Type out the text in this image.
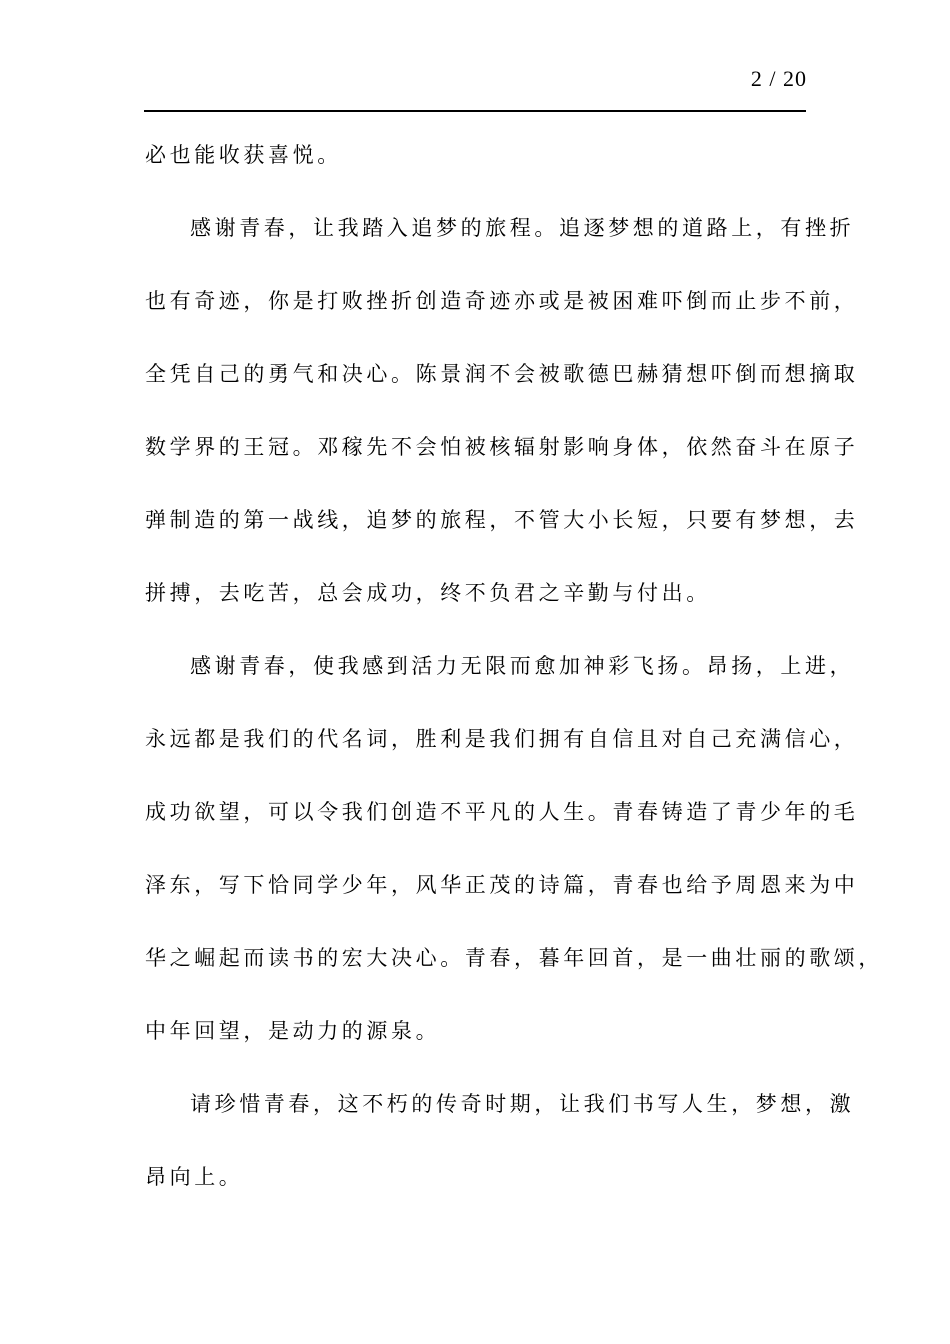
2 / 20
必也能收获喜悦。
感谢青春，让我踏入追梦的旅程。追逐梦想的道路上，有挫折
也有奇迹，你是打败挫折创造奇迹亦或是被困难吓倒而止步不前，
全凭自己的勇气和决心。陈景润不会被歌德巴赫猜想吓倒而想摘取
数学界的王冠。邓稼先不会怕被核辐射影响身体，依然奋斗在原子
弹制造的第一战线，追梦的旅程，不管大小长短，只要有梦想，去
拼搏，去吃苦，总会成功，终不负君之辛勤与付出。
感谢青春，使我感到活力无限而愈加神彩飞扬。昂扬，上进，
永远都是我们的代名词，胜利是我们拥有自信且对自己充满信心，
成功欲望，可以令我们创造不平凡的人生。青春铸造了青少年的毛
泽东，写下恰同学少年，风华正茂的诗篇，青春也给予周恩来为中
华之崛起而读书的宏大决心。青春，暮年回首，是一曲壮丽的歌颂，
中年回望，是动力的源泉。
请珍惜青春，这不朽的传奇时期，让我们书写人生，梦想，激
昂向上。
